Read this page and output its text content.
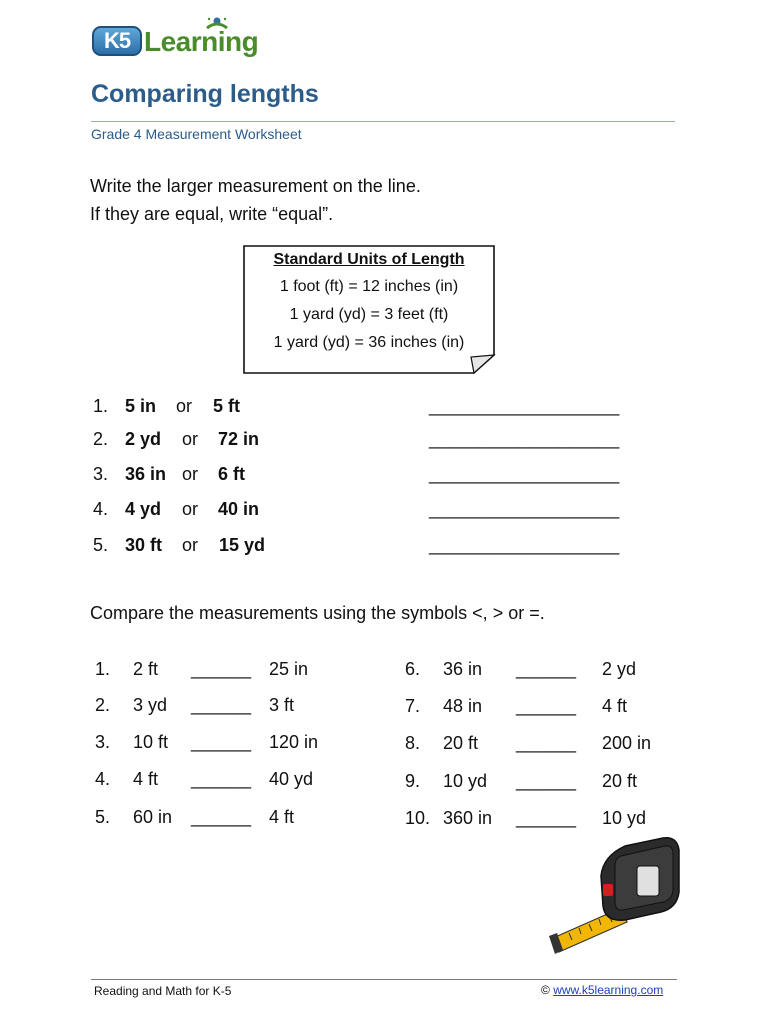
K5 Learning
Comparing lengths
Grade 4 Measurement Worksheet
Write the larger measurement on the line.
If they are equal, write “equal”.
Standard Units of Length
1 foot (ft) = 12 inches (in)
1 yard (yd) = 3 feet (ft)
1 yard (yd) = 36 inches (in)
1. 5 in or 5 ft	___________________
2. 2 yd or 72 in	___________________
3. 36 in or 6 ft	___________________
4. 4 yd or 40 in	___________________
5. 30 ft or 15 yd	___________________
Compare the measurements using the symbols <, > or =.
1. 2 ft ______ 25 in
2. 3 yd ______ 3 ft
3. 10 ft ______ 120 in
4. 4 ft ______ 40 yd
5. 60 in ______ 4 ft
6. 36 in ______ 2 yd
7. 48 in ______ 4 ft
8. 20 ft ______ 200 in
9. 10 yd ______ 20 ft
10. 360 in ______ 10 yd
Reading and Math for K-5	© www.k5learning.com
